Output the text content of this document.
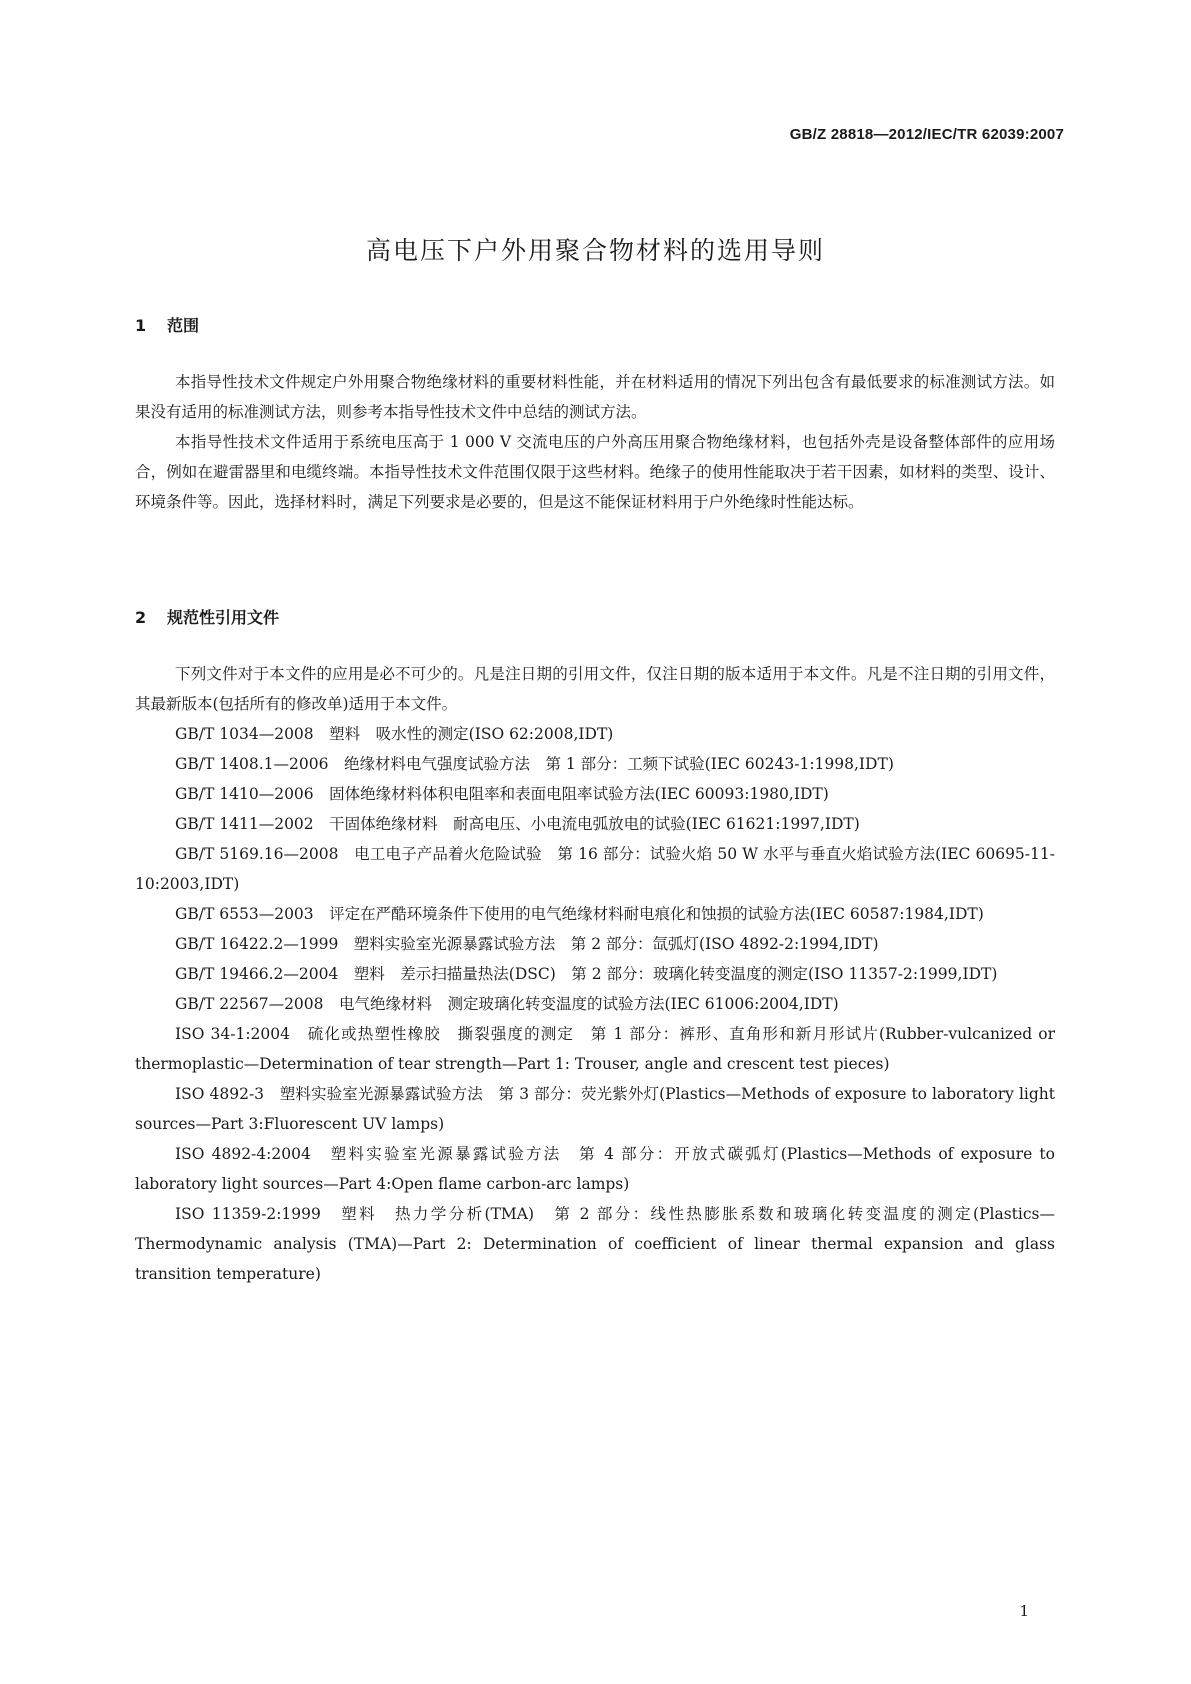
GB/Z 28818—2012/IEC/TR 62039:2007
高电压下户外用聚合物材料的选用导则
1 范围

本指导性技术文件规定户外用聚合物绝缘材料的重要材料性能，并在材料适用的情况下列出包含有最低要求的标准测试方法。如果没有适用的标准测试方法，则参考本指导性技术文件中总结的测试方法。

本指导性技术文件适用于系统电压高于 1 000 V 交流电压的户外高压用聚合物绝缘材料，也包括外壳是设备整体部件的应用场合，例如在避雷器里和电缆终端。本指导性技术文件范围仅限于这些材料。绝缘子的使用性能取决于若干因素，如材料的类型、设计、环境条件等。因此，选择材料时，满足下列要求是必要的，但是这不能保证材料用于户外绝缘时性能达标。

2 规范性引用文件

下列文件对于本文件的应用是必不可少的。凡是注日期的引用文件，仅注日期的版本适用于本文件。凡是不注日期的引用文件，其最新版本(包括所有的修改单)适用于本文件。

GB/T 1034—2008　塑料　吸水性的测定(ISO 62:2008,IDT)

GB/T 1408.1—2006　绝缘材料电气强度试验方法　第 1 部分：工频下试验(IEC 60243-1:1998,IDT)

GB/T 1410—2006　固体绝缘材料体积电阻率和表面电阻率试验方法(IEC 60093:1980,IDT)

GB/T 1411—2002　干固体绝缘材料　耐高电压、小电流电弧放电的试验(IEC 61621:1997,IDT)

GB/T 5169.16—2008　电工电子产品着火危险试验　第 16 部分：试验火焰 50 W 水平与垂直火焰试验方法(IEC 60695-11-10:2003,IDT)

GB/T 6553—2003　评定在严酷环境条件下使用的电气绝缘材料耐电痕化和蚀损的试验方法(IEC 60587:1984,IDT)

GB/T 16422.2—1999　塑料实验室光源暴露试验方法　第 2 部分：氙弧灯(ISO 4892-2:1994,IDT)

GB/T 19466.2—2004　塑料　差示扫描量热法(DSC)　第 2 部分：玻璃化转变温度的测定(ISO 11357-2:1999,IDT)

GB/T 22567—2008　电气绝缘材料　测定玻璃化转变温度的试验方法(IEC 61006:2004,IDT)

ISO 34-1:2004　硫化或热塑性橡胶　撕裂强度的测定　第 1 部分：裤形、直角形和新月形试片(Rubber-vulcanized or thermoplastic—Determination of tear strength—Part 1: Trouser, angle and crescent test pieces)

ISO 4892-3　塑料实验室光源暴露试验方法　第 3 部分：荧光紫外灯(Plastics—Methods of exposure to laboratory light sources—Part 3:Fluorescent UV lamps)

ISO 4892-4:2004　塑料实验室光源暴露试验方法　第 4 部分：开放式碳弧灯(Plastics—Methods of exposure to laboratory light sources—Part 4:Open flame carbon-arc lamps)

ISO 11359-2:1999　塑料　热力学分析(TMA)　第 2 部分：线性热膨胀系数和玻璃化转变温度的测定(Plastics—Thermodynamic analysis (TMA)—Part 2: Determination of coefficient of linear thermal expansion and glass transition temperature)

1
